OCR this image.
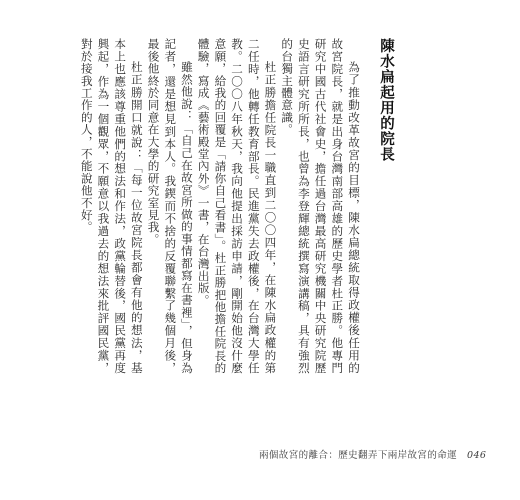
陳水扁起用的院長

為了推動改革故宮的目標，陳水扁總統取得政權後任用的故宮院長，就是出身台灣南部高雄的歷史學者杜正勝。他專門研究中國古代社會史，擔任過台灣最高研究機關中央研究院歷史語言研究所所長，也曾為李登輝總統撰寫演講稿，具有強烈的台獨主體意識。

杜正勝擔任院長一職直到二〇〇四年，在陳水扁政權的第二任時，他轉任教育部長。民進黨失去政權後，在台灣大學任教。二〇〇八年秋天，我向他提出採訪申請，剛開始他沒什麼意願，給我的回覆是「請你自己看書」。杜正勝把他擔任院長的體驗，寫成《藝術殿堂內外》一書，在台灣出版。

雖然他說：「自己在故宮所做的事情都寫在書裡」，但身為記者，還是想見到本人。我鍥而不捨的反覆聯繫了幾個月後，最後他終於同意在大學的研究室見我。

杜正勝開口就說：「每一位故宮院長都會有他的想法，基本上也應該尊重他們的想法和作法，政黨輪替後，國民黨再度興起，作為一個觀眾，不願意以我過去的想法來批評國民黨，對於接我工作的人，不能說他不好。

兩個故宮的離合：歷史翻弄下兩岸故宮的命運 046
